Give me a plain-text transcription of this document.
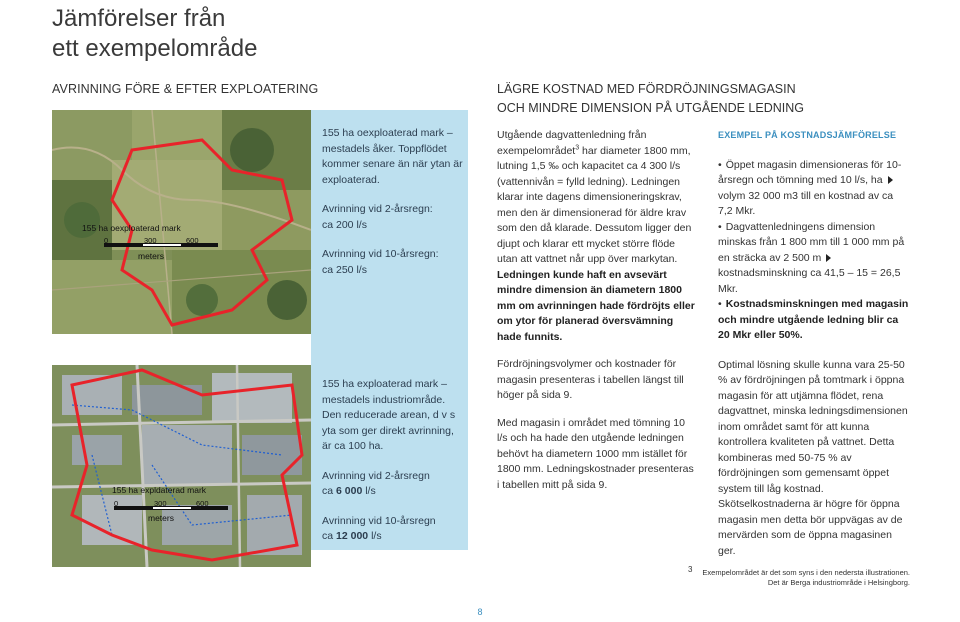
Jämförelser från
ett exempelområde
AVRINNING FÖRE & EFTER EXPLOATERING	LÄGRE KOSTNAD MED FÖRDRÖJNINGSMAGASIN
OCH MINDRE DIMENSION PÅ UTGÅENDE LEDNING
155 ha oexploaterad mark
0	300	600
meters
155 ha expldaterad mark
0	300	600
meters

155 ha oexploaterad mark – mestadels åker. Toppflödet kommer senare än när ytan är exploaterad.

Avrinning vid 2-årsregn:
ca 200 l/s

Avrinning vid 10-årsregn:
ca 250 l/s

155 ha exploaterad mark – mestadels industriområde. Den reducerade arean, d v s yta som ger direkt avrinning, är ca 100 ha.

Avrinning vid 2-årsregn
ca 6 000 l/s

Avrinning vid 10-årsregn
ca 12 000 l/s

Utgående dagvattenledning från exempelområdet$^3$ har diameter 1800 mm, lutning 1,5 ‰ och kapacitet ca 4 300 l/s (vattennivån = fylld ledning). Ledningen klarar inte dagens dimensioneringskrav, men den är dimensionerad för äldre krav som den då klarade. Dessutom ligger den djupt och klarar ett mycket större flöde utan att vattnet når upp över markytan. Ledningen kunde haft en avsevärt mindre dimension än diametern 1800 mm om avrinningen hade fördröjts eller om ytor för planerad översvämning hade funnits.

Fördröjningsvolymer och kostnader för magasin presenteras i tabellen längst till höger på sida 9.

Med magasin i området med tömning 10 l/s och ha hade den utgående ledningen behövt ha diametern 1000 mm istället för 1800 mm. Ledningskostnader presenteras i tabellen mitt på sida 9.

EXEMPEL PÅ KOSTNADSJÄMFÖRELSE
• Öppet magasin dimensioneras för 10-årsregn och tömning med 10 l/s, ha volym 32 000 m3 till en kostnad av ca 7,2 Mkr.
• Dagvattenledningens dimension minskas från 1 800 mm till 1 000 mm på en sträcka av 2 500 m kostnadsminskning ca 41,5 – 15 = 26,5 Mkr.
• Kostnadsminskningen med magasin och mindre utgående ledning blir ca 20 Mkr eller 50%.

Optimal lösning skulle kunna vara 25-50 % av fördröjningen på tomtmark i öppna magasin för att utjämna flödet, rena dagvattnet, minska ledningsdimensionen inom området samt för att kunna kontrollera kvaliteten på vattnet. Detta kombineras med 50-75 % av fördröjningen som gemensamt öppet system till låg kostnad. Skötselkostnaderna är högre för öppna magasin men detta bör uppvägas av de mervärden som de öppna magasinen ger.

3	Exempelområdet är det som syns i den nedersta illustrationen.
Det är Berga industriområde i Helsingborg.
8
